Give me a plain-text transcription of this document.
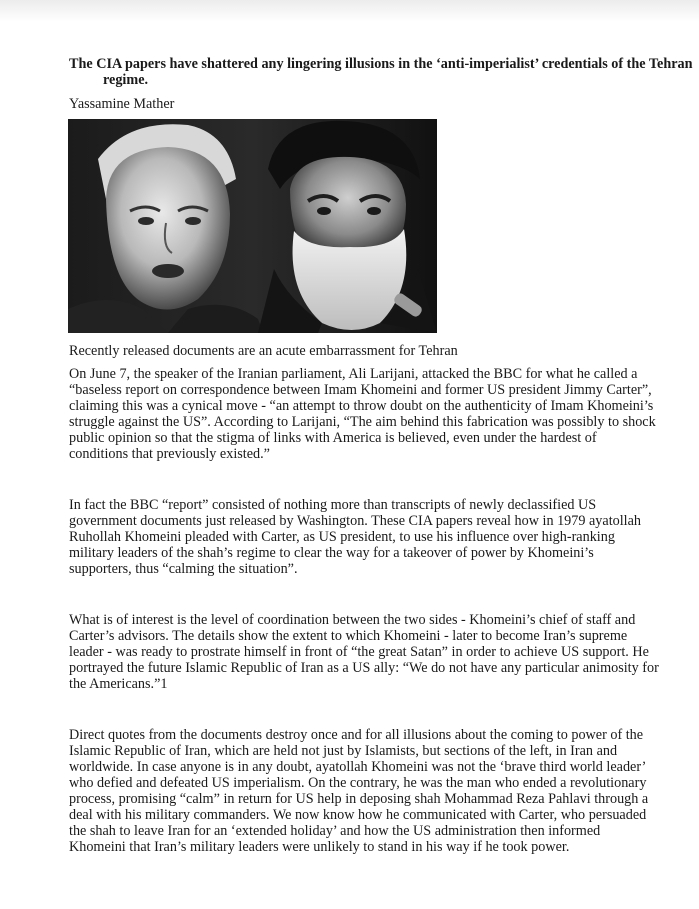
The CIA papers have shattered any lingering illusions in the ‘anti-imperialist’ credentials of the Tehran regime.
Yassamine Mather
Recently released documents are an acute embarrassment for Tehran

On June 7, the speaker of the Iranian parliament, Ali Larijani, attacked the BBC for what he called a “baseless report on correspondence between Imam Khomeini and former US president Jimmy Carter”, claiming this was a cynical move - “an attempt to throw doubt on the authenticity of Imam Khomeini’s struggle against the US”. According to Larijani, “The aim behind this fabrication was possibly to shock public opinion so that the stigma of links with America is believed, even under the hardest of conditions that previously existed.”

In fact the BBC “report” consisted of nothing more than transcripts of newly declassified US government documents just released by Washington. These CIA papers reveal how in 1979 ayatollah Ruhollah Khomeini pleaded with Carter, as US president, to use his influence over high-ranking military leaders of the shah’s regime to clear the way for a takeover of power by Khomeini’s supporters, thus “calming the situation”.

What is of interest is the level of coordination between the two sides - Khomeini’s chief of staff and Carter’s advisors. The details show the extent to which Khomeini - later to become Iran’s supreme leader - was ready to prostrate himself in front of “the great Satan” in order to achieve US support. He portrayed the future Islamic Republic of Iran as a US ally: “We do not have any particular animosity for the Americans.”1

Direct quotes from the documents destroy once and for all illusions about the coming to power of the Islamic Republic of Iran, which are held not just by Islamists, but sections of the left, in Iran and worldwide. In case anyone is in any doubt, ayatollah Khomeini was not the ‘brave third world leader’ who defied and defeated US imperialism. On the contrary, he was the man who ended a revolutionary process, promising “calm” in return for US help in deposing shah Mohammad Reza Pahlavi through a deal with his military commanders. We now know how he communicated with Carter, who persuaded the shah to leave Iran for an ‘extended holiday’ and how the US administration then informed Khomeini that Iran’s military leaders were unlikely to stand in his way if he took power.
